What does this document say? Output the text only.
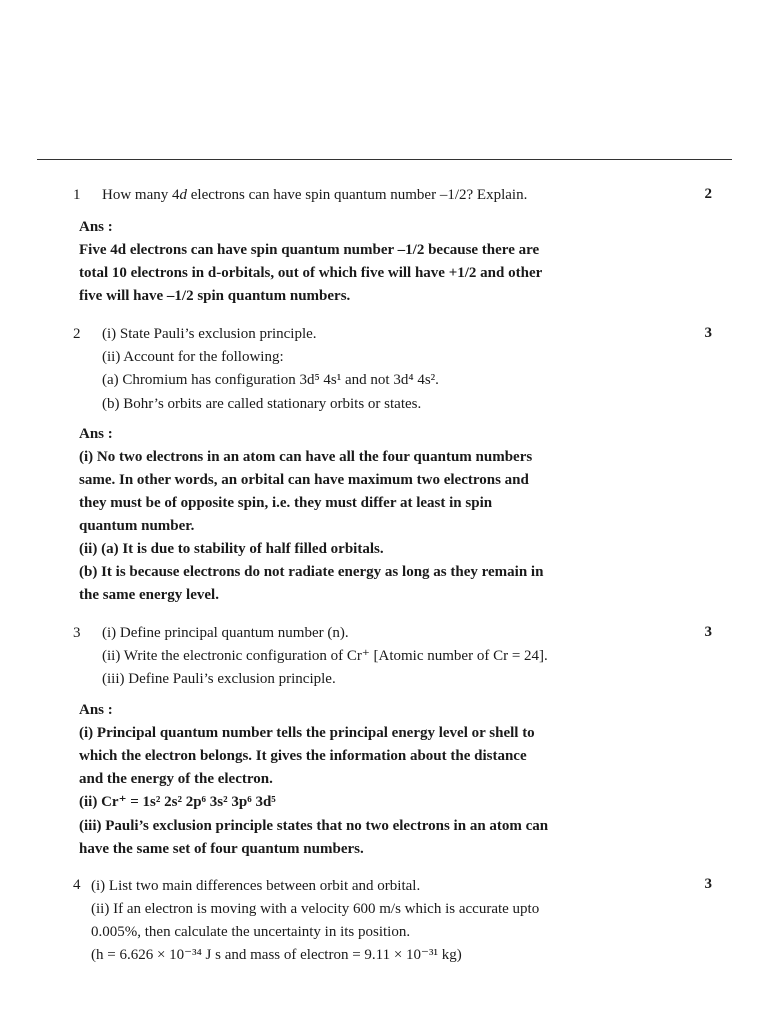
1	2
How many 4d electrons can have spin quantum number –1/2? Explain.
Ans :
Five 4d electrons can have spin quantum number –1/2 because there are
total 10 electrons in d-orbitals, out of which five will have +1/2 and other
five will have –1/2 spin quantum numbers.
2	3
(i) State Pauli’s exclusion principle.
(ii) Account for the following:
(a) Chromium has configuration 3d⁵ 4s¹ and not 3d⁴ 4s².
(b) Bohr’s orbits are called stationary orbits or states.
Ans :
(i) No two electrons in an atom can have all the four quantum numbers
same. In other words, an orbital can have maximum two electrons and
they must be of opposite spin, i.e. they must differ at least in spin
quantum number.
(ii) (a) It is due to stability of half filled orbitals.
(b) It is because electrons do not radiate energy as long as they remain in
the same energy level.
3	3
(i) Define principal quantum number (n).
(ii) Write the electronic configuration of Cr⁺ [Atomic number of Cr = 24].
(iii) Define Pauli’s exclusion principle.
Ans :
(i) Principal quantum number tells the principal energy level or shell to
which the electron belongs. It gives the information about the distance
and the energy of the electron.
(ii) Cr⁺ = 1s² 2s² 2p⁶ 3s² 3p⁶ 3d⁵
(iii) Pauli’s exclusion principle states that no two electrons in an atom can
have the same set of four quantum numbers.
4	3
(i) List two main differences between orbit and orbital.
(ii) If an electron is moving with a velocity 600 m/s which is accurate upto
0.005%, then calculate the uncertainty in its position.
(h = 6.626 × 10⁻³⁴ J s and mass of electron = 9.11 × 10⁻³¹ kg)
